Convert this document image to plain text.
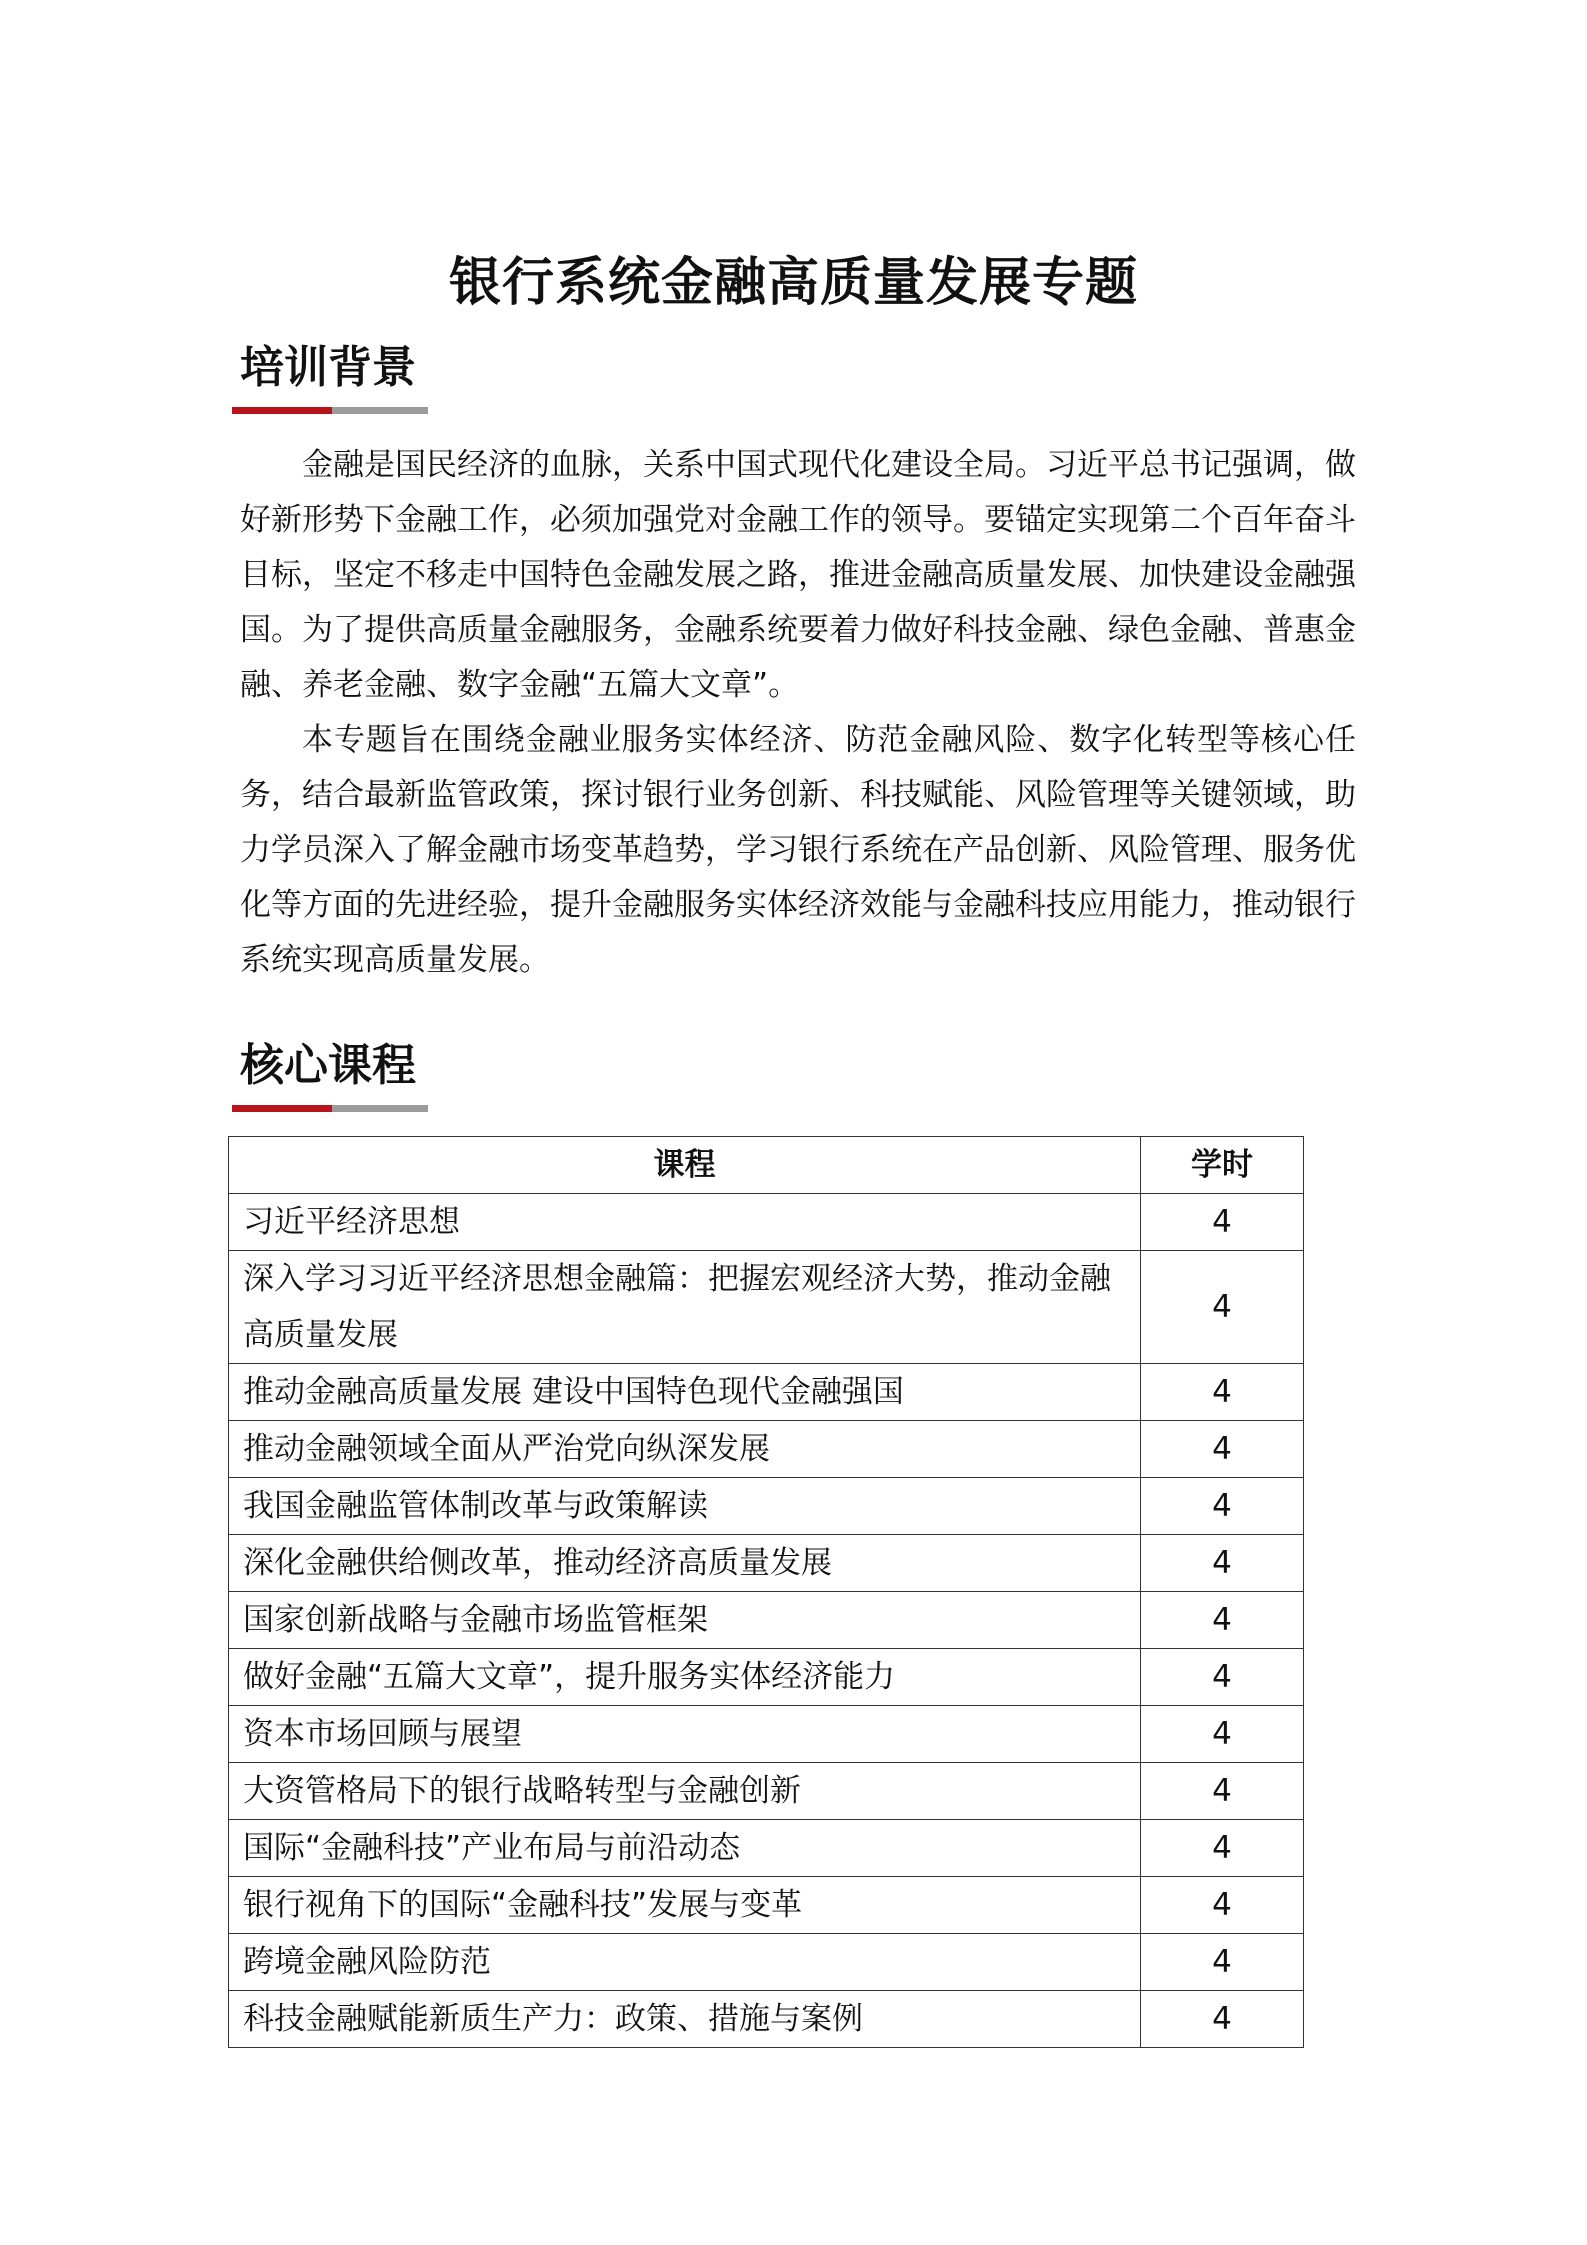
银行系统金融高质量发展专题
培训背景

金融是国民经济的血脉，关系中国式现代化建设全局。习近平总书记强调，做好新形势下金融工作，必须加强党对金融工作的领导。要锚定实现第二个百年奋斗目标，坚定不移走中国特色金融发展之路，推进金融高质量发展、加快建设金融强国。为了提供高质量金融服务，金融系统要着力做好科技金融、绿色金融、普惠金融、养老金融、数字金融“五篇大文章”。

本专题旨在围绕金融业服务实体经济、防范金融风险、数字化转型等核心任务，结合最新监管政策，探讨银行业务创新、科技赋能、风险管理等关键领域，助力学员深入了解金融市场变革趋势，学习银行系统在产品创新、风险管理、服务优化等方面的先进经验，提升金融服务实体经济效能与金融科技应用能力，推动银行系统实现高质量发展。

核心课程
课程	学时
习近平经济思想	4
深入学习习近平经济思想金融篇：把握宏观经济大势，推动金融高质量发展	4
推动金融高质量发展 建设中国特色现代金融强国	4
推动金融领域全面从严治党向纵深发展	4
我国金融监管体制改革与政策解读	4
深化金融供给侧改革，推动经济高质量发展	4
国家创新战略与金融市场监管框架	4
做好金融“五篇大文章”，提升服务实体经济能力	4
资本市场回顾与展望	4
大资管格局下的银行战略转型与金融创新	4
国际“金融科技”产业布局与前沿动态	4
银行视角下的国际“金融科技”发展与变革	4
跨境金融风险防范	4
科技金融赋能新质生产力：政策、措施与案例	4
